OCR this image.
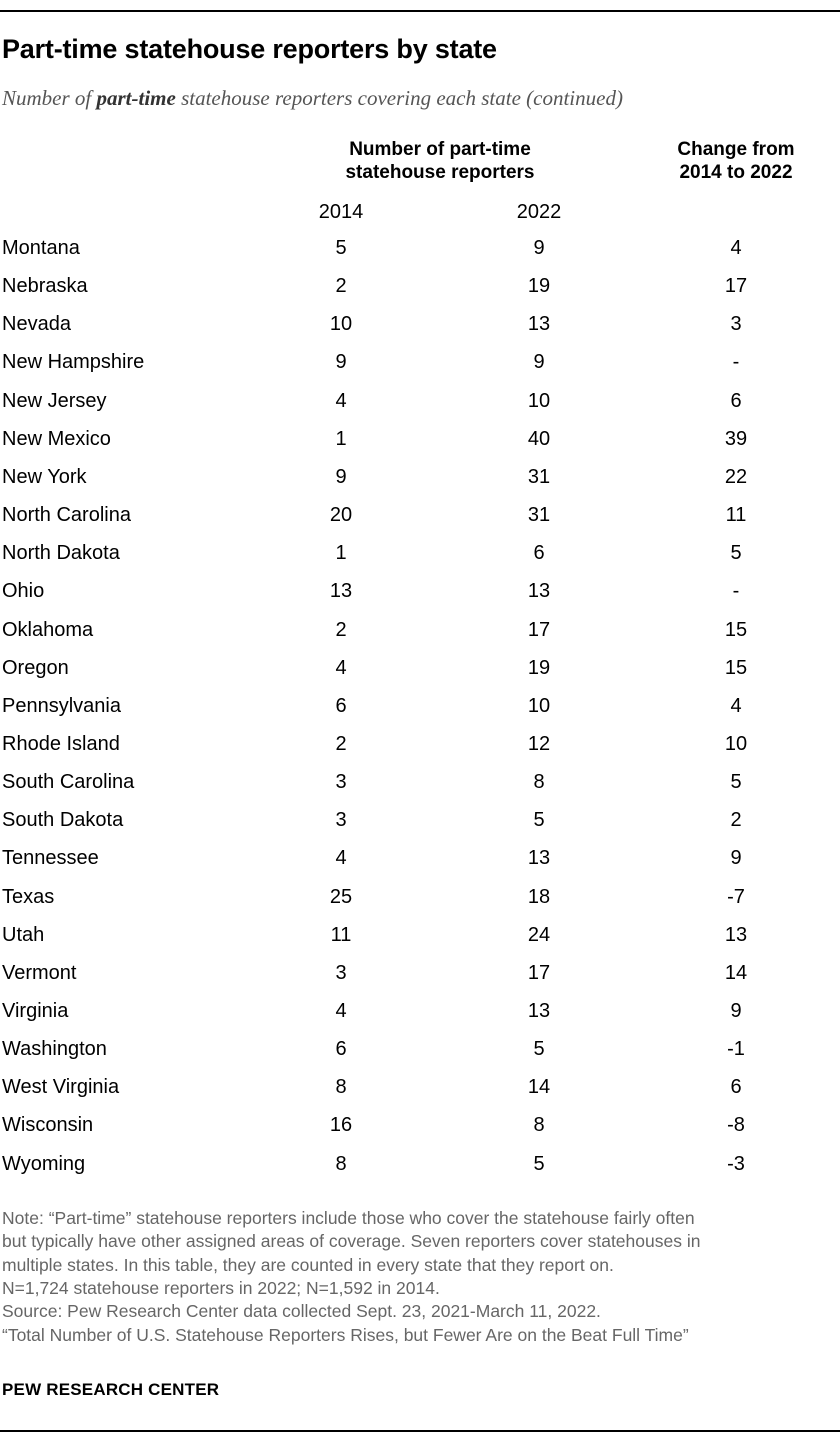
Part-time statehouse reporters by state
Number of part-time statehouse reporters covering each state (continued)
Number of part-time
statehouse reporters
Change from
2014 to 2022
2014	2022
Montana	5	9	4
Nebraska	2	19	17
Nevada	10	13	3
New Hampshire	9	9	-
New Jersey	4	10	6
New Mexico	1	40	39
New York	9	31	22
North Carolina	20	31	11
North Dakota	1	6	5
Ohio	13	13	-
Oklahoma	2	17	15
Oregon	4	19	15
Pennsylvania	6	10	4
Rhode Island	2	12	10
South Carolina	3	8	5
South Dakota	3	5	2
Tennessee	4	13	9
Texas	25	18	-7
Utah	11	24	13
Vermont	3	17	14
Virginia	4	13	9
Washington	6	5	-1
West Virginia	8	14	6
Wisconsin	16	8	-8
Wyoming	8	5	-3
Note: “Part-time” statehouse reporters include those who cover the statehouse fairly often
but typically have other assigned areas of coverage. Seven reporters cover statehouses in
multiple states. In this table, they are counted in every state that they report on.
N=1,724 statehouse reporters in 2022; N=1,592 in 2014.
Source: Pew Research Center data collected Sept. 23, 2021-March 11, 2022.
“Total Number of U.S. Statehouse Reporters Rises, but Fewer Are on the Beat Full Time”
PEW RESEARCH CENTER
